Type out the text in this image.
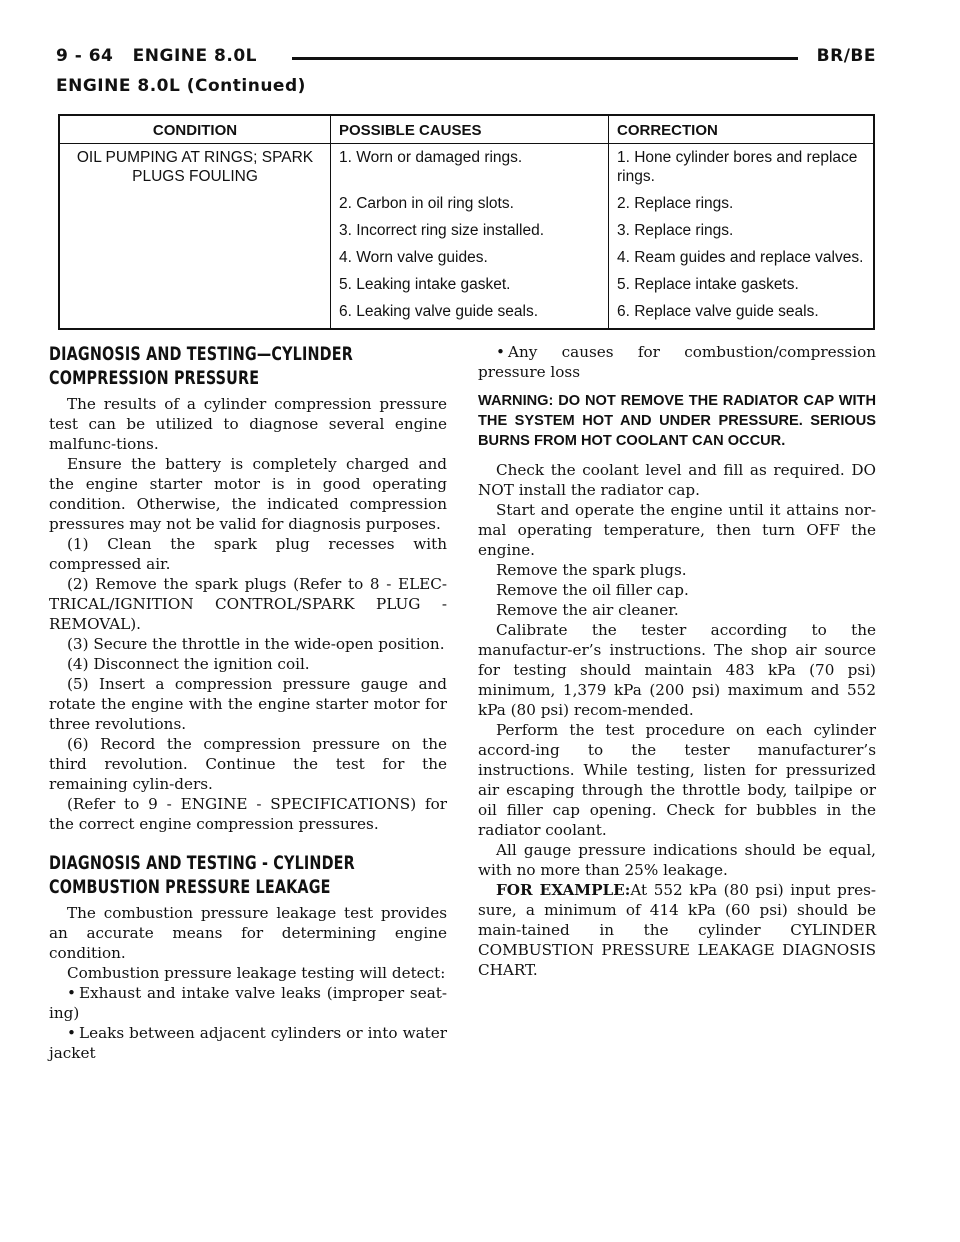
9 - 64 ENGINE 8.0L	BR/BE
ENGINE 8.0L (Continued)
CONDITION	POSSIBLE CAUSES	CORRECTION
OIL PUMPING AT RINGS; SPARK PLUGS FOULING	1. Worn or damaged rings.	1. Hone cylinder bores and replace rings.
	2. Carbon in oil ring slots.	2. Replace rings.
	3. Incorrect ring size installed.	3. Replace rings.
	4. Worn valve guides.	4. Ream guides and replace valves.
	5. Leaking intake gasket.	5. Replace intake gaskets.
	6. Leaking valve guide seals.	6. Replace valve guide seals.
DIAGNOSIS AND TESTING—CYLINDER
COMPRESSION PRESSURE

The results of a cylinder compression pressure test can be utilized to diagnose several engine malfunc-tions.

Ensure the battery is completely charged and the engine starter motor is in good operating condition. Otherwise, the indicated compression pressures may not be valid for diagnosis purposes.

(1) Clean the spark plug recesses with compressed air.

(2) Remove the spark plugs (Refer to 8 - ELEC-TRICAL/IGNITION CONTROL/SPARK PLUG - REMOVAL).

(3) Secure the throttle in the wide-open position.

(4) Disconnect the ignition coil.

(5) Insert a compression pressure gauge and rotate the engine with the engine starter motor for three revolutions.

(6) Record the compression pressure on the third revolution. Continue the test for the remaining cylin-ders.

(Refer to 9 - ENGINE - SPECIFICATIONS) for the correct engine compression pressures.

DIAGNOSIS AND TESTING - CYLINDER
COMBUSTION PRESSURE LEAKAGE

The combustion pressure leakage test provides an accurate means for determining engine condition.

Combustion pressure leakage testing will detect:

• Exhaust and intake valve leaks (improper seat-ing)

• Leaks between adjacent cylinders or into water jacket

• Any causes for combustion/compression pressure loss

WARNING: DO NOT REMOVE THE RADIATOR CAP WITH THE SYSTEM HOT AND UNDER PRESSURE. SERIOUS BURNS FROM HOT COOLANT CAN OCCUR.

Check the coolant level and fill as required. DO NOT install the radiator cap.

Start and operate the engine until it attains nor-mal operating temperature, then turn OFF the engine.

Remove the spark plugs.

Remove the oil filler cap.

Remove the air cleaner.

Calibrate the tester according to the manufactur-er’s instructions. The shop air source for testing should maintain 483 kPa (70 psi) minimum, 1,379 kPa (200 psi) maximum and 552 kPa (80 psi) recom-mended.

Perform the test procedure on each cylinder accord-ing to the tester manufacturer’s instructions. While testing, listen for pressurized air escaping through the throttle body, tailpipe or oil filler cap opening. Check for bubbles in the radiator coolant.

All gauge pressure indications should be equal, with no more than 25% leakage.

FOR EXAMPLE:At 552 kPa (80 psi) input pres-sure, a minimum of 414 kPa (60 psi) should be main-tained in the cylinder CYLINDER COMBUSTION PRESSURE LEAKAGE DIAGNOSIS CHART.
